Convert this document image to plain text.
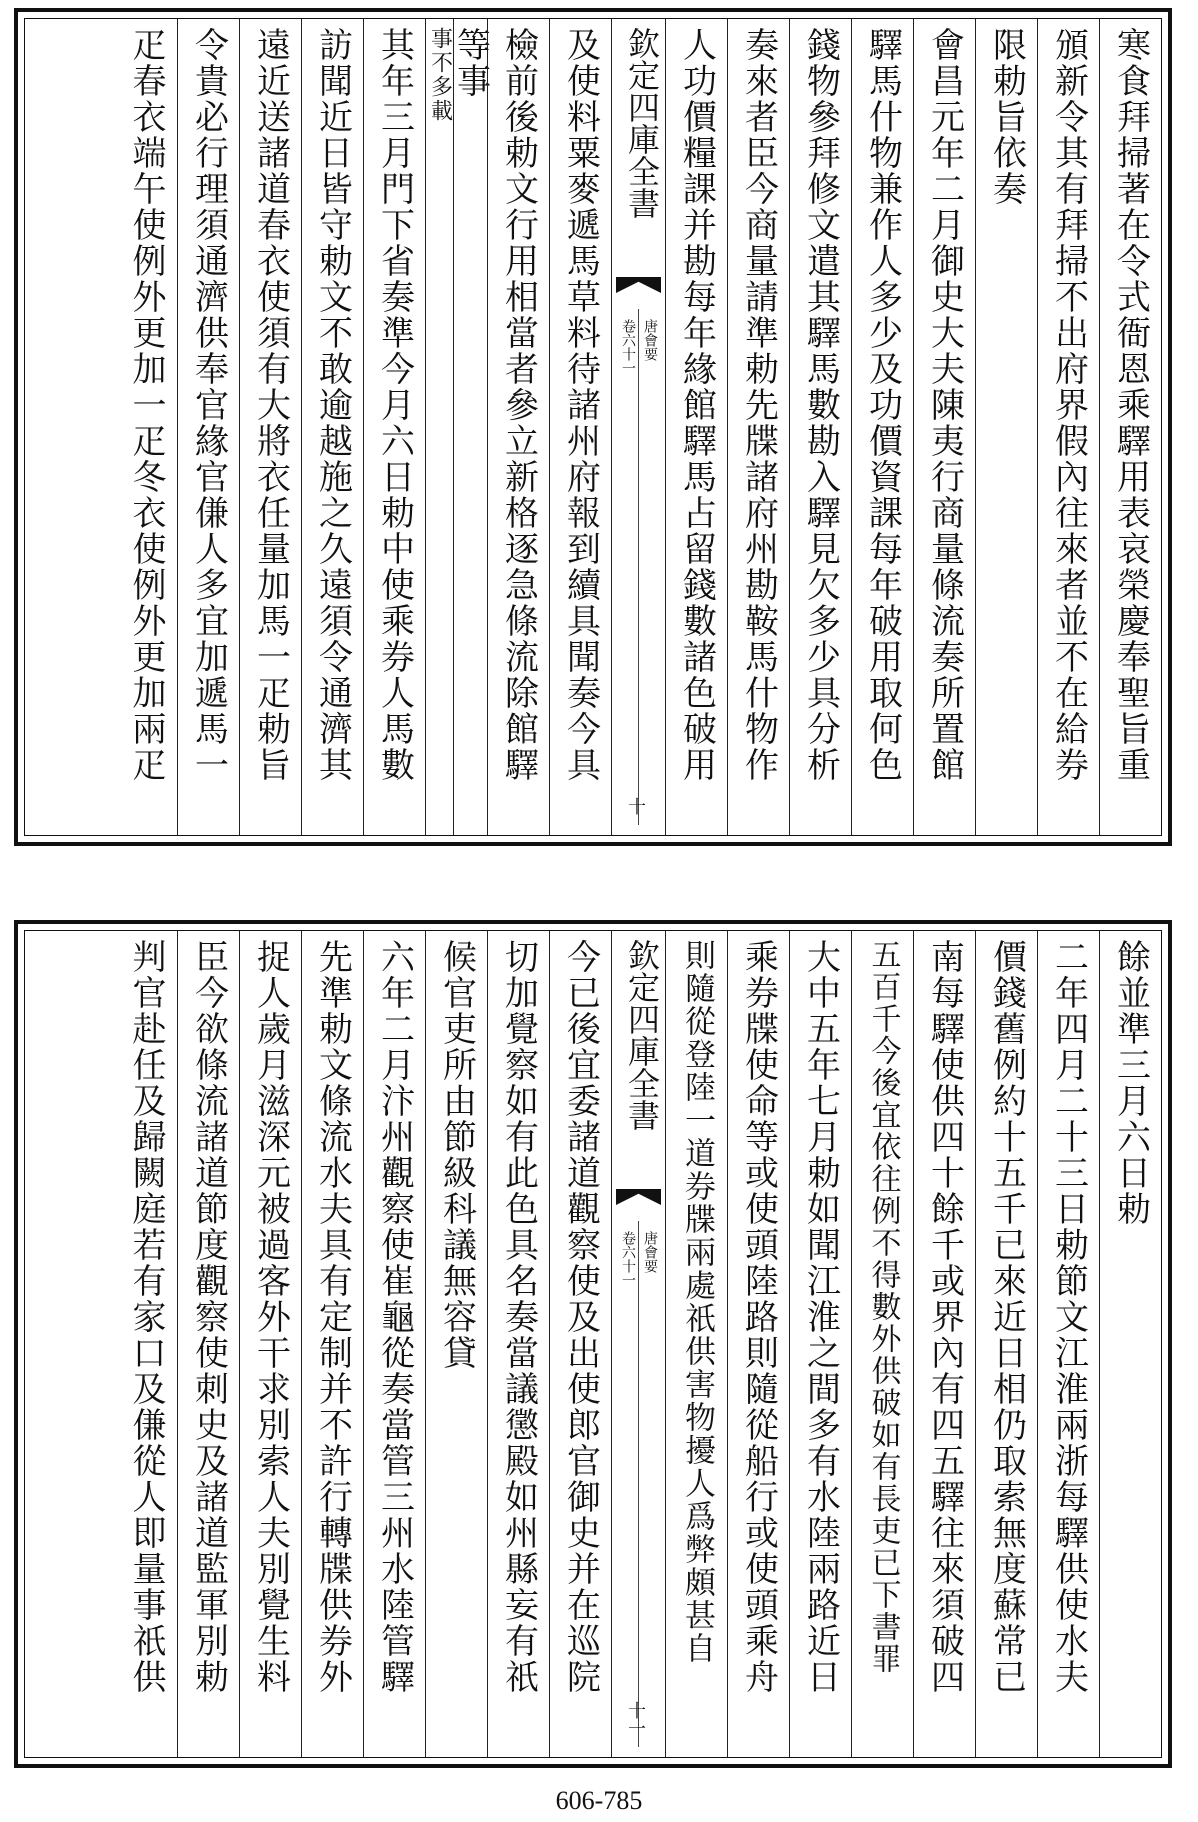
寒食拜掃著在令式衙恩乘驛用表哀榮慶奉聖旨重
頒新令其有拜掃不出府界假內往來者並不在給券
限勅旨依奏
會昌元年二月御史大夫陳夷行商量條流奏所置館
驛馬什物兼作人多少及功價資課每年破用取何色
錢物參拜修文遣其驛馬數勘入驛見欠多少具分析
奏來者臣今商量請準勅先牒諸府州勘鞍馬什物作
人功價糧課并勘每年緣館驛馬占留錢數諸色破用
欽定四庫全書
唐會要
卷六十一
十
及使料粟麥遞馬草料待諸州府報到續具聞奏今具
檢前後勅文行用相當者參立新格逐急條流除館驛
等事
事不多載
其年三月門下省奏準今月六日勅中使乘券人馬數
訪聞近日皆守勅文不敢逾越施之久遠須令通濟其
遠近送諸道春衣使須有大將衣任量加馬一疋勅旨
令貴必行理須通濟供奉官緣官傔人多宜加遞馬一
疋春衣端午使例外更加一疋冬衣使例外更加兩疋
餘並準三月六日勅
二年四月二十三日勅節文江淮兩浙每驛供使水夫
價錢舊例約十五千已來近日相仍取索無度蘇常已
南每驛使供四十餘千或界內有四五驛往來須破四
五百千今後宜依往例不得數外供破如有長吏已下書罪
大中五年七月勅如聞江淮之間多有水陸兩路近日
乘券牒使命等或使頭陸路則隨從船行或使頭乘舟
則隨從登陸一道券牒兩處祇供害物擾人爲弊頗甚自
欽定四庫全書
唐會要
卷六十一
十一
今已後宜委諸道觀察使及出使郎官御史并在巡院
切加覺察如有此色具名奏當議懲殿如州縣妄有祇
候官吏所由節級科議無容貸
六年二月汴州觀察使崔龜從奏當管三州水陸管驛
先準勅文條流水夫具有定制并不許行轉牒供券外
捉人歲月滋深元被過客外干求別索人夫別覺生料
臣今欲條流諸道節度觀察使刺史及諸道監軍別勅
判官赴任及歸闕庭若有家口及傔從人即量事祇供
606-785
